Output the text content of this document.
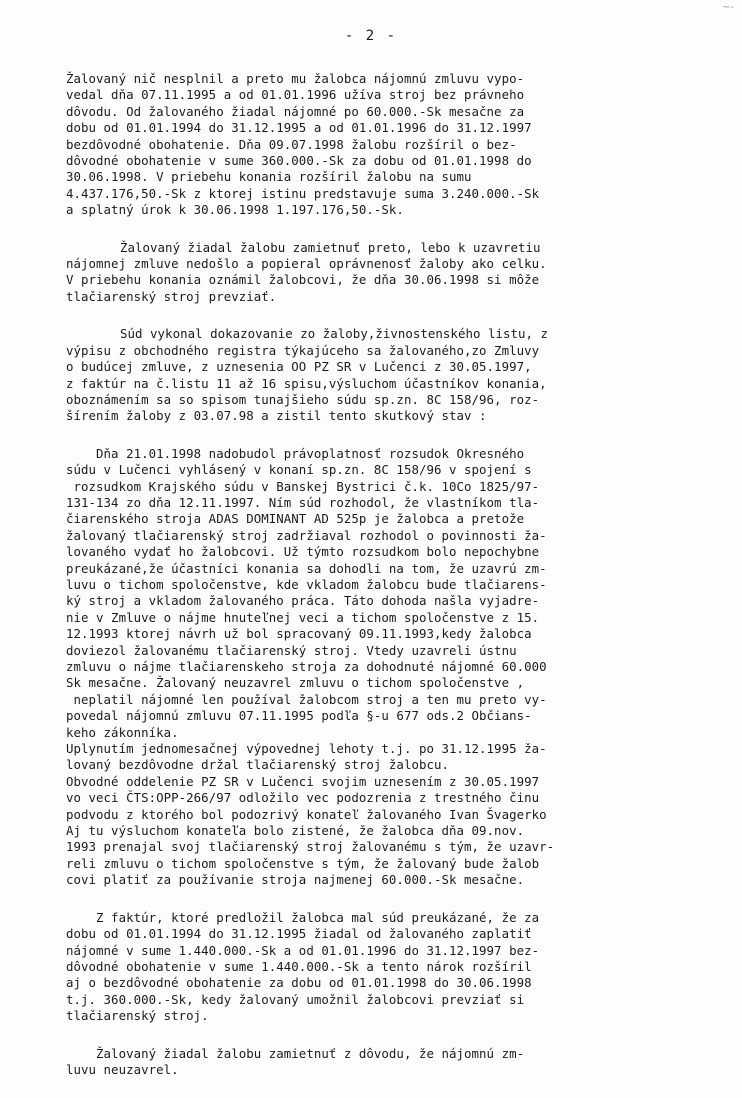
~-
- 2 -
Žalovaný nič nesplnil a preto mu žalobca nájomnú zmluvu vypo-
vedal dňa 07.11.1995 a od 01.01.1996 užíva stroj bez právneho
dôvodu. Od žalovaného žiadal nájomné po 60.000.-Sk mesačne za
dobu od 01.01.1994 do 31.12.1995 a od 01.01.1996 do 31.12.1997
bezdôvodné obohatenie. Dňa 09.07.1998 žalobu rozšíril o bez-
dôvodné obohatenie v sume 360.000.-Sk za dobu od 01.01.1998 do
30.06.1998. V priebehu konania rozšíril žalobu na sumu
4.437.176,50.-Sk z ktorej istinu predstavuje suma 3.240.000.-Sk
a splatný úrok k 30.06.1998 1.197.176,50.-Sk.
Žalovaný žiadal žalobu zamietnuť preto, lebo k uzavretiu
nájomnej zmluve nedošlo a popieral oprávnenosť žaloby ako celku.
V priebehu konania oznámil žalobcovi, že dňa 30.06.1998 si môže
tlačiarenský stroj prevziať.
Súd vykonal dokazovanie zo žaloby,živnostenského listu, z
výpisu z obchodného registra týkajúceho sa žalovaného,zo Zmluvy
o budúcej zmluve, z uznesenia OO PZ SR v Lučenci z 30.05.1997,
z faktúr na č.listu 11 až 16 spisu,výsluchom účastníkov konania,
oboznámením sa so spisom tunajšieho súdu sp.zn. 8C 158/96, roz-
šírením žaloby z 03.07.98 a zistil tento skutkový stav :
Dňa 21.01.1998 nadobudol právoplatnosť rozsudok Okresného
súdu v Lučenci vyhlásený v konaní sp.zn. 8C 158/96 v spojení s
rozsudkom Krajského súdu v Banskej Bystrici č.k. 10Co 1825/97-
131-134 zo dňa 12.11.1997. Ním súd rozhodol, že vlastníkom tla-
čiarenského stroja ADAS DOMINANT AD 525p je žalobca a pretože
žalovaný tlačiarenský stroj zadržiaval rozhodol o povinnosti ža-
lovaného vydať ho žalobcovi. Už týmto rozsudkom bolo nepochybne
preukázané,že účastníci konania sa dohodli na tom, že uzavrú zm-
luvu o tichom spoločenstve, kde vkladom žalobcu bude tlačiarens-
ký stroj a vkladom žalovaného práca. Táto dohoda našla vyjadre-
nie v Zmluve o nájme hnuteľnej veci a tichom spoločenstve z 15.
12.1993 ktorej návrh už bol spracovaný 09.11.1993,kedy žalobca
doviezol žalovanému tlačiarenský stroj. Vtedy uzavreli ústnu
zmluvu o nájme tlačiarenskeho stroja za dohodnuté nájomné 60.000
Sk mesačne. Žalovaný neuzavrel zmluvu o tichom spoločenstve ,
neplatil nájomné len používal žalobcom stroj a ten mu preto vy-
povedal nájomnú zmluvu 07.11.1995 podľa §-u 677 ods.2 Občians-
keho zákonníka.
Uplynutím jednomesačnej výpovednej lehoty t.j. po 31.12.1995 ža-
lovaný bezdôvodne držal tlačiarenský stroj žalobcu.
Obvodné oddelenie PZ SR v Lučenci svojim uznesením z 30.05.1997
vo veci ČTS:OPP-266/97 odložilo vec podozrenia z trestného činu
podvodu z ktorého bol podozrivý konateľ žalovaného Ivan Švagerko
Aj tu výsluchom konateľa bolo zistené, že žalobca dňa 09.nov.
1993 prenajal svoj tlačiarenský stroj žalovanému s tým, že uzavr-
reli zmluvu o tichom spoločenstve s tým, že žalovaný bude žalob
covi platiť za používanie stroja najmenej 60.000.-Sk mesačne.
Z faktúr, ktoré predložil žalobca mal súd preukázané, že za
dobu od 01.01.1994 do 31.12.1995 žiadal od žalovaného zaplatiť
nájomné v sume 1.440.000.-Sk a od 01.01.1996 do 31.12.1997 bez-
dôvodné obohatenie v sume 1.440.000.-Sk a tento nárok rozšíril
aj o bezdôvodné obohatenie za dobu od 01.01.1998 do 30.06.1998
t.j. 360.000.-Sk, kedy žalovaný umožnil žalobcovi prevziať si
tlačiarenský stroj.
Žalovaný žiadal žalobu zamietnuť z dôvodu, že nájomnú zm-
luvu neuzavrel.
